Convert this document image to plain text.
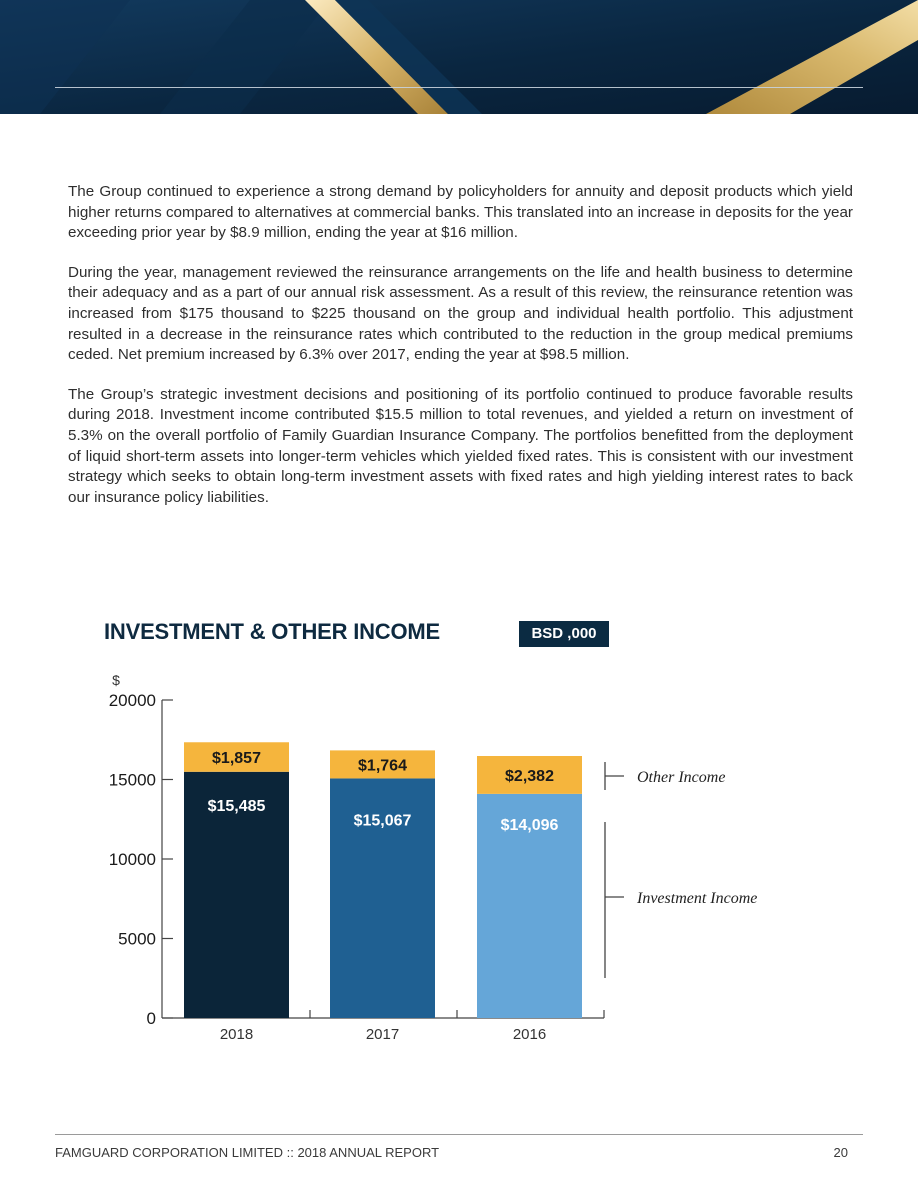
The Group continued to experience a strong demand by policyholders for annuity and deposit products which yield higher returns compared to alternatives at commercial banks. This translated into an increase in deposits for the year exceeding prior year by $8.9 million, ending the year at $16 million.

During the year, management reviewed the reinsurance arrangements on the life and health business to determine their adequacy and as a part of our annual risk assessment. As a result of this review, the reinsurance retention was increased from $175 thousand to $225 thousand on the group and individual health portfolio. This adjustment resulted in a decrease in the reinsurance rates which contributed to the reduction in the group medical premiums ceded. Net premium increased by 6.3% over 2017, ending the year at $98.5 million.

The Group’s strategic investment decisions and positioning of its portfolio continued to produce favorable results during 2018. Investment income contributed $15.5 million to total revenues, and yielded a return on investment of 5.3% on the overall portfolio of Family Guardian Insurance Company. The portfolios benefitted from the deployment of liquid short-term assets into longer-term vehicles which yielded fixed rates. This is consistent with our investment strategy which seeks to obtain long-term investment assets with fixed rates and high yielding interest rates to back our insurance policy liabilities.

INVESTMENT & OTHER INCOME	BSD ,000
$
0
5000
10000
15000
20000
$15,485
$1,857
2018
$15,067
$1,764
2017
$14,096
$2,382
2016
Other Income
Investment Income
FAMGUARD CORPORATION LIMITED :: 2018 ANNUAL REPORT	20
